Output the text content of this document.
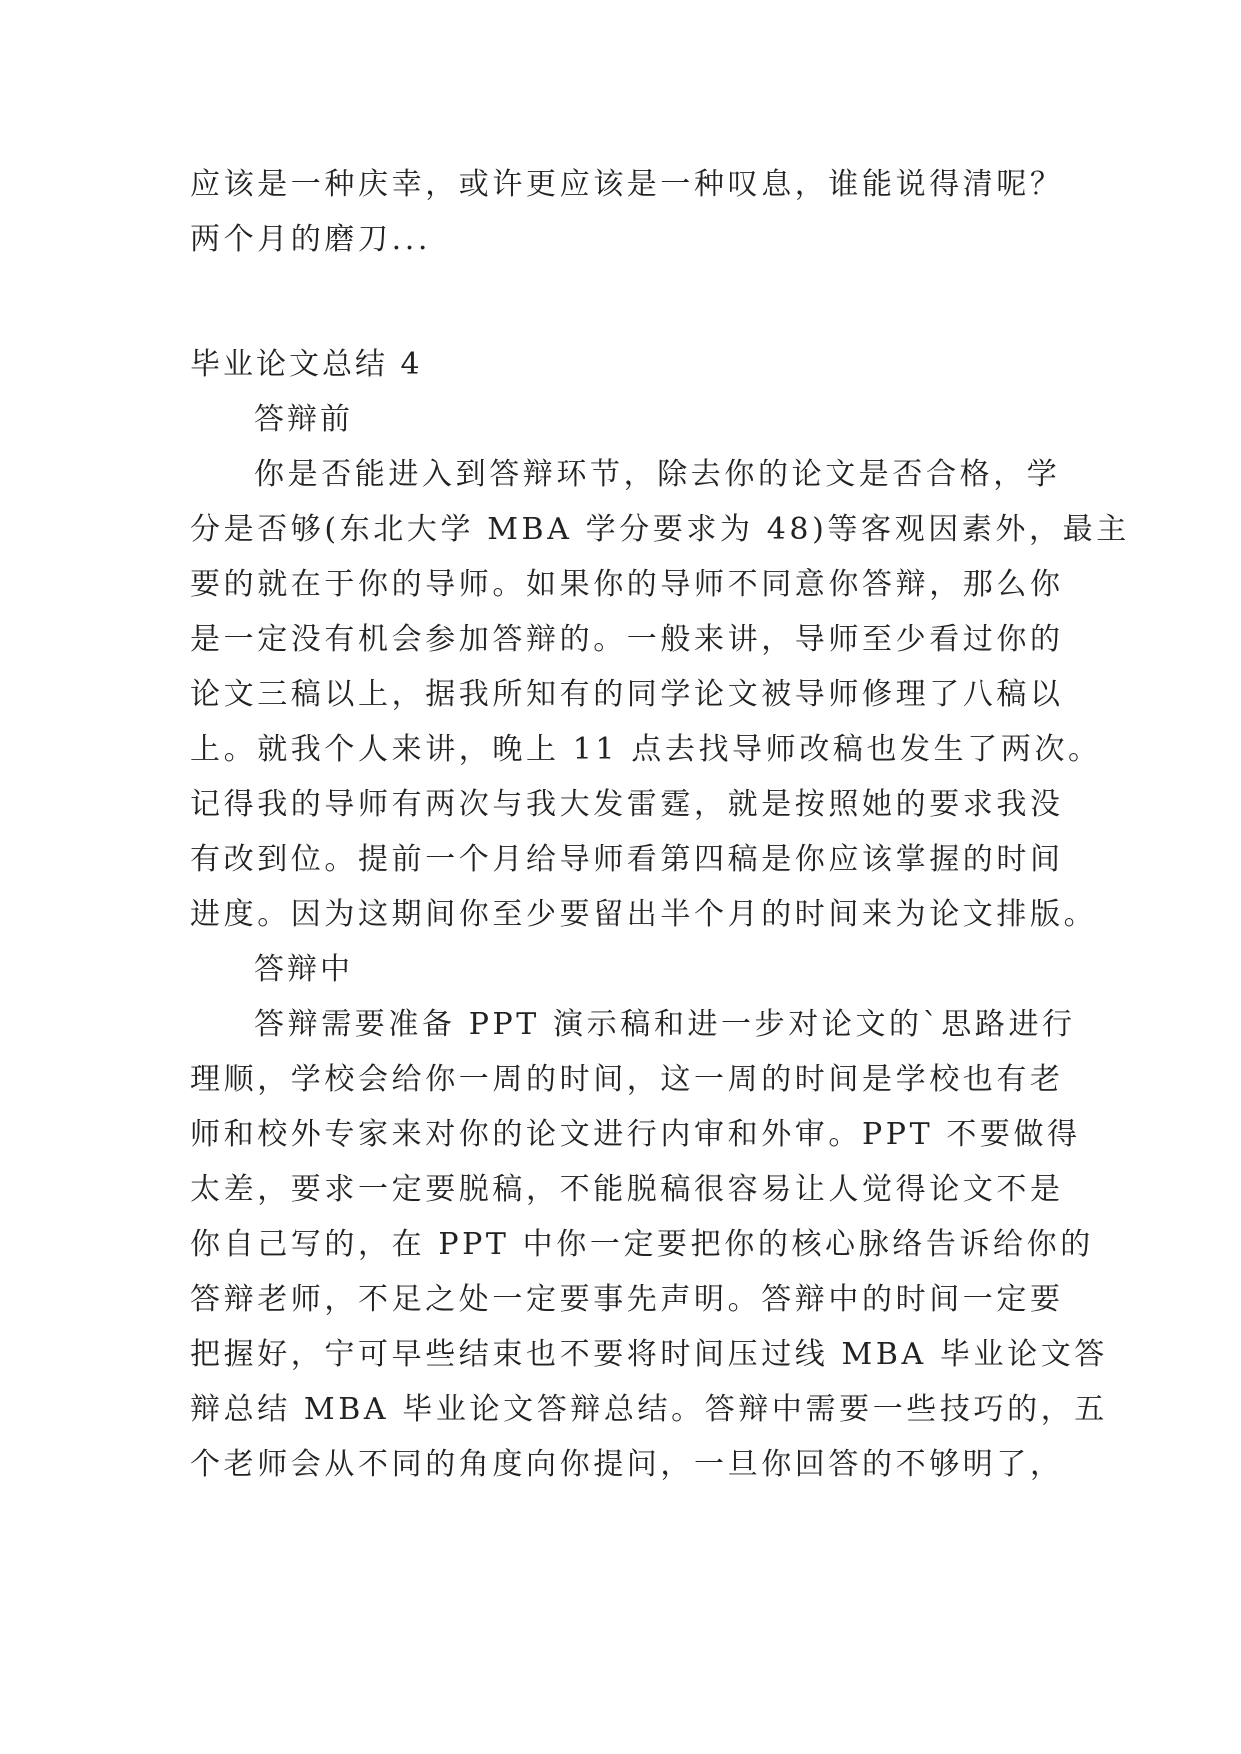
应该是一种庆幸，或许更应该是一种叹息，谁能说得清呢？
两个月的磨刀...
毕业论文总结 4
答辩前
你是否能进入到答辩环节，除去你的论文是否合格，学
分是否够(东北大学 MBA 学分要求为 48)等客观因素外，最主
要的就在于你的导师。如果你的导师不同意你答辩，那么你
是一定没有机会参加答辩的。一般来讲，导师至少看过你的
论文三稿以上，据我所知有的同学论文被导师修理了八稿以
上。就我个人来讲，晚上 11 点去找导师改稿也发生了两次。
记得我的导师有两次与我大发雷霆，就是按照她的要求我没
有改到位。提前一个月给导师看第四稿是你应该掌握的时间
进度。因为这期间你至少要留出半个月的时间来为论文排版。
答辩中
答辩需要准备 PPT 演示稿和进一步对论文的`思路进行
理顺，学校会给你一周的时间，这一周的时间是学校也有老
师和校外专家来对你的论文进行内审和外审。PPT 不要做得
太差，要求一定要脱稿，不能脱稿很容易让人觉得论文不是
你自己写的，在 PPT 中你一定要把你的核心脉络告诉给你的
答辩老师，不足之处一定要事先声明。答辩中的时间一定要
把握好，宁可早些结束也不要将时间压过线 MBA 毕业论文答
辩总结 MBA 毕业论文答辩总结。答辩中需要一些技巧的，五
个老师会从不同的角度向你提问，一旦你回答的不够明了，
